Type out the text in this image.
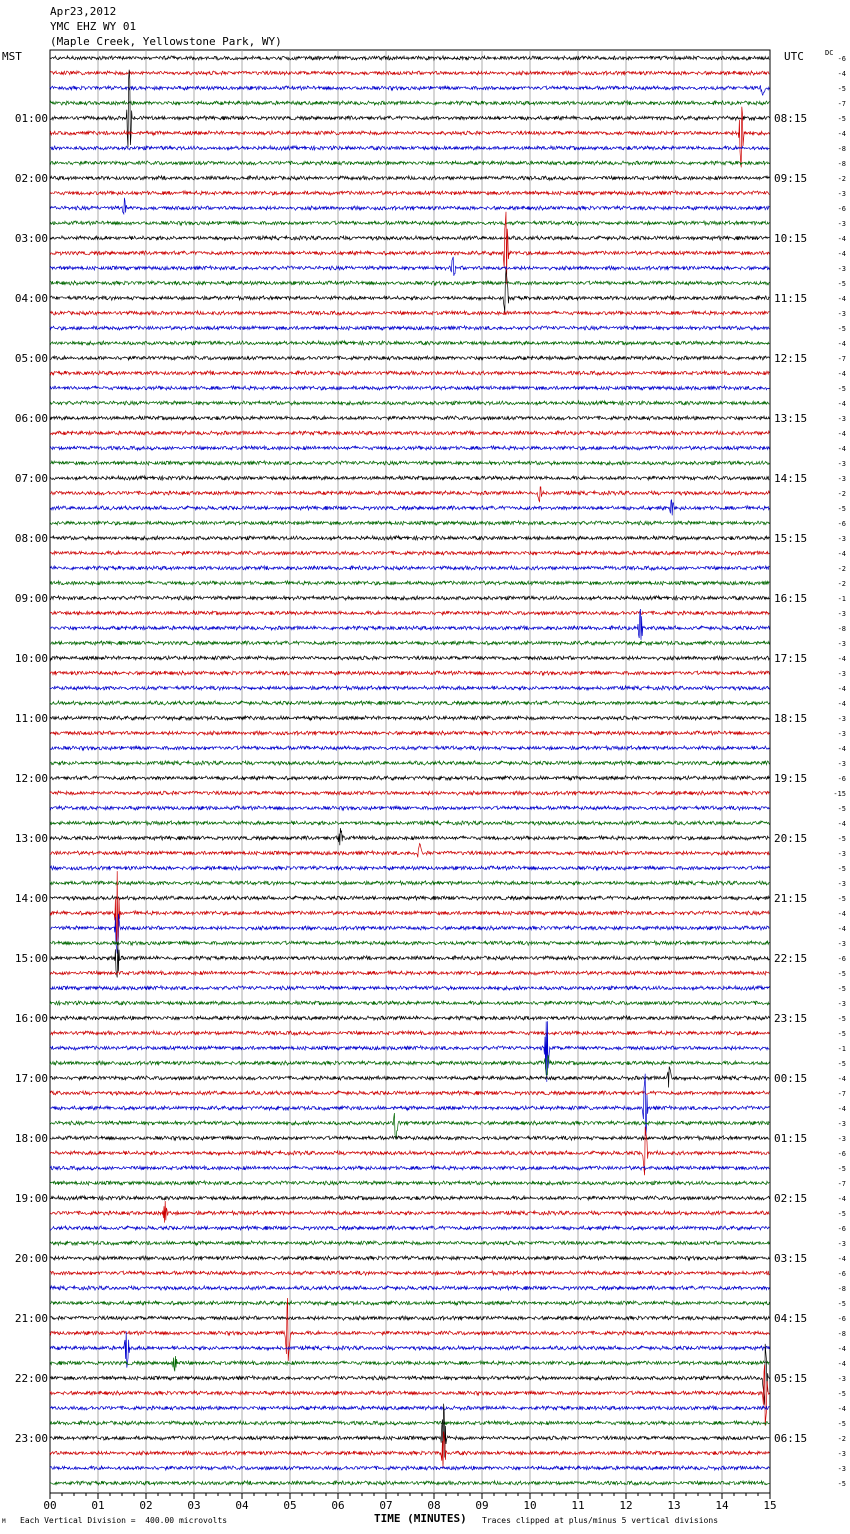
Apr23,2012
YMC EHZ WY 01
(Maple Creek, Yellowstone Park, WY)
MST	UTC	DC
00	01	02	03	04	05	06	07	08	09	10	11	12	13	14	15
-6
-4
-5
-7
-5
-4
-8
-8
-2
-3
-6
-3
-4
-4
-3
-5
-4
-3
-5
-4
-7
-4
-5
-4
-3
-4
-4
-3
-3
-2
-5
-6
-3
-4
-2
-2
-1
-3
-8
-3
-4
-3
-4
-4
-3
-3
-4
-3
-6
-15
-5
-4
-5
-3
-5
-3
-5
-4
-4
-3
-6
-5
-5
-3
-5
-5
-1
-5
-4
-7
-4
-3
-3
-6
-5
-7
-4
-5
-6
-3
-4
-6
-8
-5
-6
-8
-4
-4
-3
-5
-4
-5
-2
-3
-3
-5
01:00
02:00
03:00
04:00
05:00
06:00
07:00
08:00
09:00
10:00
11:00
12:00
13:00
14:00
15:00
16:00
17:00
18:00
19:00
20:00
21:00
22:00
23:00
08:15
09:15
10:15
11:15
12:15
13:15
14:15
15:15
16:15
17:15
18:15
19:15
20:15
21:15
22:15
23:15
00:15
01:15
02:15
03:15
04:15
05:15
06:15
TIME (MINUTES)
Each Vertical Division =  400.00 microvolts	Traces clipped at plus/minus 5 vertical divisions
M
